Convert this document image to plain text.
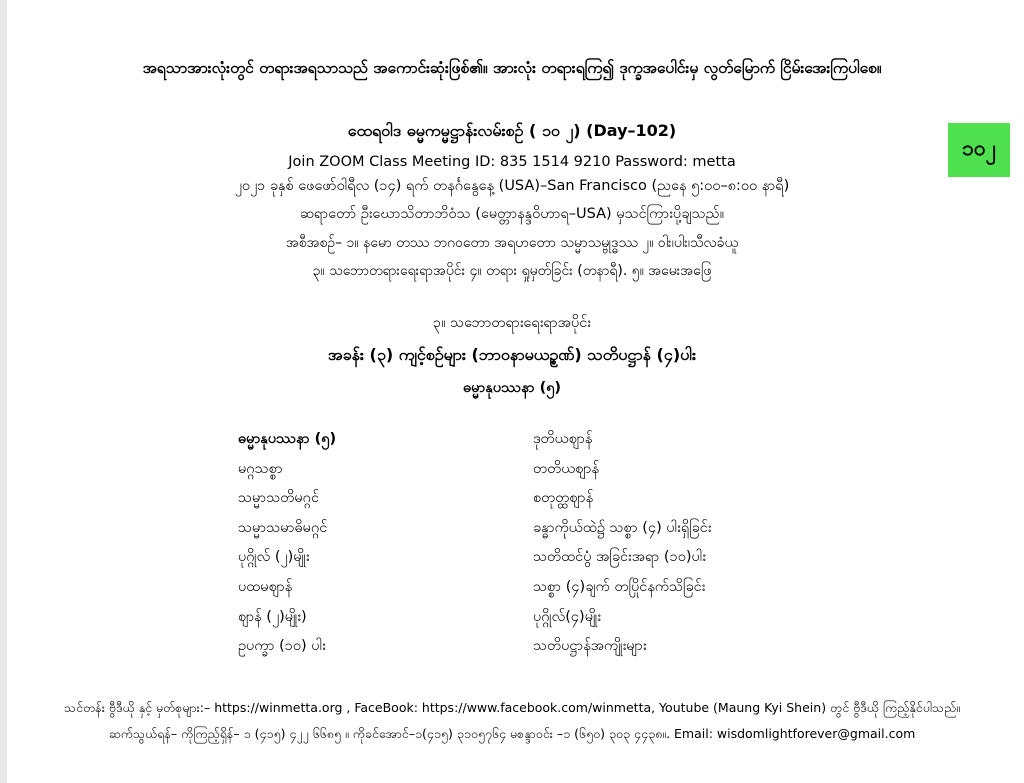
အရသာအားလုံးတွင် တရားအရသာသည် အကောင်းဆုံးဖြစ်၏။ အားလုံး တရားရကြ၍ ဒုက္ခအပေါင်းမှ လွတ်မြောက် ငြိမ်းအေးကြပါစေ။
ထေရဝါဒ ဓမ္မကမ္မဋ္ဌာန်းလမ်းစဉ် ( ၁၀ ၂) (Day–102)
Join ZOOM Class Meeting ID: 835 1514 9210 Password: metta
၂၀၂၁ ခုနှစ် ဖေဖော်ဝါရီလ (၁၄) ရက် တနင်္ဂနွေနေ့ (USA)–San Francisco (ညနေ ၅:၀၀–၈:၀၀ နာရီ)
ဆရာတော် ဦးဃောသိတာဘိဝံသ (မေတ္တာနန္ဒဝိဟာရ–USA) မှသင်ကြားပို့ချသည်။
အစီအစဉ်– ၁။ နမော တဿ ဘဂဝတော အရဟတော သမ္မာသမ္ဗုဒ္ဓဿ ၂။ ဝါး၊ပါး၊သီလခံယူ
၃။ သဘောတရားရေးရာအပိုင်း ၄။ တရား ရှုမှတ်ခြင်း (တနာရီ). ၅။ အမေးအဖြေ
၁၀၂
၃။ သဘောတရားရေးရာအပိုင်း
အခန်း (၃) ကျင့်စဉ်များ (ဘာဝနာမယဉ္စဏ်) သတိပဋ္ဌာန် (၄)ပါး
ဓမ္မာနုပဿနာ (၅)
ဓမ္မာနုပဿနာ (၅)
မဂ္ဂသစ္စာ
သမ္မာသတိမဂ္ဂင်
သမ္မာသမာဓိမဂ္ဂင်
ပုဂ္ဂိုလ် (၂)မျိုး
ပထမဈာန်
ဈာန် (၂)မျိုး)
ဥပက္ခာ (၁၀) ပါး
ဒုတိယဈာန်
တတိယဈာန်
စတုတ္ထဈာန်
ခန္ဓာကိုယ်ထဲ၌ သစ္စာ (၄) ပါးရှိခြင်း
သတိထင်ပွံ အခြင်းအရာ (၁၀)ပါး
သစ္စာ (၄)ချက် တပြိုင်နက်သိခြင်း
ပုဂ္ဂိုလ်(၄)မျိုး
သတိပဋ္ဌာန်အကျိုးများ
သင်တန်း ဗွီဒီယို နှင့် မှတ်စုများ:– https://winmetta.org , FaceBook: https://www.facebook.com/winmetta, Youtube (Maung Kyi Shein) တွင် ဗွီဒီယို ကြည့်နိုင်ပါသည်။
ဆက်သွယ်ရန်– ကိုကြည့်ရှိန်– ၁ (၄၁၅) ၄၂၂ ၆၆၈၅ ။ ကိုခင်အောင်–၁(၄၁၅) ၃၁၀၅၇၆၄ မစန္ဒာဝင်း –၁ (၆၅၀) ၃၀၃ ၄၄၃၈။. Email: wisdomlightforever@gmail.com
